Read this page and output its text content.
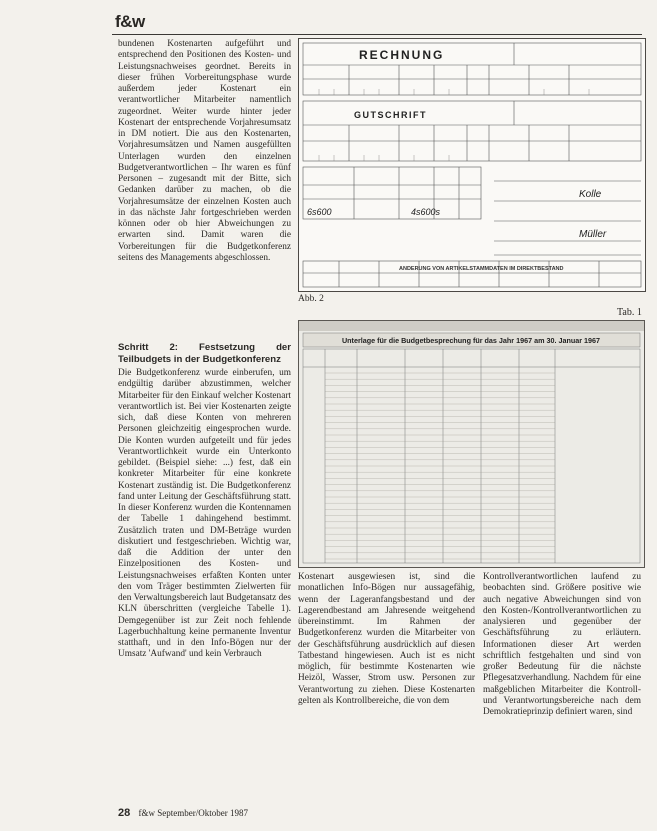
f&w

bundenen Kostenarten aufgeführt und entsprechend den Positionen des Kosten- und Leistungsnachweises geordnet. Bereits in dieser frühen Vorbereitungsphase wurde außerdem jeder Kostenart ein verantwortlicher Mitarbeiter namentlich zugeordnet. Weiter wurde hinter jeder Kostenart der entsprechende Vorjahresumsatz in DM notiert. Die aus den Kostenarten, Vorjahresumsätzen und Namen ausgefüllten Unterlagen wurden den einzelnen Budgetverantwortlichen – Ihr waren es fünf Personen – zugesandt mit der Bitte, sich Gedanken darüber zu machen, ob die Vorjahresumsätze der einzelnen Kosten auch in das nächste Jahr fortgeschrieben werden können oder ob hier Abweichungen zu erwarten sind. Damit waren die Vorbereitungen für die Budgetkonferenz seitens des Managements abgeschlossen.

Schritt 2: Festsetzung der Teilbudgets in der Budgetkonferenz

Die Budgetkonferenz wurde einberufen, um endgültig darüber abzustimmen, welcher Mitarbeiter für den Einkauf welcher Kostenart verantwortlich ist. Bei vier Kostenarten zeigte sich, daß diese Konten von mehreren Personen gleichzeitig eingesprochen wurde. Die Konten wurden aufgeteilt und für jedes Verantwortlichkeit wurde ein Unterkonto gebildet. (Beispiel siehe: ...) fest, daß ein konkreter Mitarbeiter für eine konkrete Kostenart zuständig ist. Die Budgetkonferenz fand unter Leitung der Geschäftsführung statt. In dieser Konferenz wurden die Kontennamen der Tabelle 1 dahingehend bestimmt. Zusätzlich traten und DM-Beträge wurden diskutiert und festgeschrieben. Wichtig war, daß die Addition der unter den Einzelpositionen des Kosten- und Leistungsnachweises erfaßten Konten unter den vom Träger bestimmten Zielwerten für den Verwaltungsbereich laut Budgetansatz des KLN überschritten (vergleiche Tabelle 1). Demgegenüber ist zur Zeit noch fehlende Lagerbuchhaltung keine permanente Inventur statthaft, und in den Info-Bögen nur der Umsatz 'Aufwand' und kein Verbrauch

RECHNUNG
GUTSCHRIFT
6s600
Kolle
Müller
4s600s
ANDERUNG VON ARTIKELSTAMMDATEN IM DIREKTBESTAND
Abb. 2
Tab. 1
Unterlage für die Budgetbesprechung für das Jahr 1967 am 30. Januar 1967

Kostenart ausgewiesen ist, sind die monatlichen Info-Bögen nur aussagefähig, wenn der Lageranfangsbestand und der Lagerendbestand am Jahresende weitgehend übereinstimmt. Im Rahmen der Budgetkonferenz wurden die Mitarbeiter von der Geschäftsführung ausdrücklich auf diesen Tatbestand hingewiesen. Auch ist es nicht möglich, für bestimmte Kostenarten wie Heizöl, Wasser, Strom usw. Personen zur Verantwortung zu ziehen. Diese Kostenarten gelten als Kontrollbereiche, die von dem

Kontrollverantwortlichen laufend zu beobachten sind. Größere positive wie auch negative Abweichungen sind von den Kosten-/Kontrollverantwortlichen zu analysieren und gegenüber der Geschäftsführung zu erläutern. Informationen dieser Art werden schriftlich festgehalten und sind von großer Bedeutung für die nächste Pflegesatzverhandlung. Nachdem für eine maßgeblichen Mitarbeiter die Kontroll- und Verantwortungsbereiche nach dem Demokratieprinzip definiert waren, sind

28 f&w September/Oktober 1987
